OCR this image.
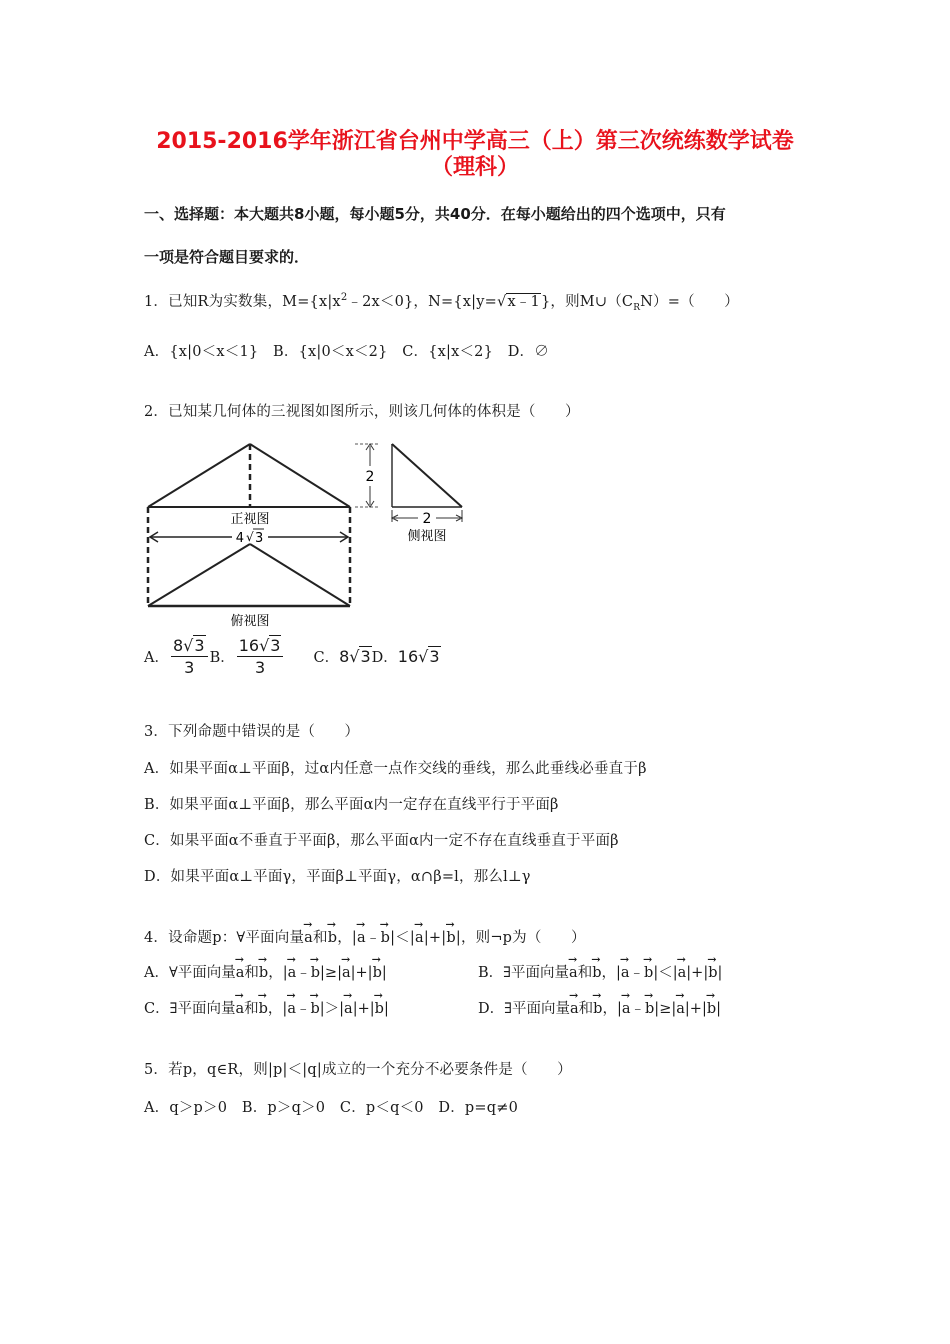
2015-2016学年浙江省台州中学高三（上）第三次统练数学试卷
（理科）
一、选择题：本大题共8小题，每小题5分，共40分．在每小题给出的四个选项中，只有
一项是符合题目要求的．
1．已知R为实数集，$M=\{x|x^2﹣2x<0\}$，N={x|y=√x﹣1}，则$M\cup(C_RN)=$（　　）
A．{x|0＜x＜1}　B．{x|0＜x＜2}　C．{x|x＜2}　D．∅
2．已知某几何体的三视图如图所示，则该几何体的体积是（　　）
正视图
2
2
侧视图
4 √ 3
俯视图
A． $\frac{8√3}{3}$ B． $\frac{16√3}{3}$ C． 8√3 D． 16√3
3．下列命题中错误的是（　　）
A．如果平面α⊥平面β，过α内任意一点作交线的垂线，那么此垂线必垂直于β
B．如果平面α⊥平面β，那么平面α内一定存在直线平行于平面β
C．如果平面α不垂直于平面β，那么平面α内一定不存在直线垂直于平面β
D．如果平面α⊥平面γ，平面β⊥平面γ，α∩β=l，那么l⊥γ
4．设命题p：∀平面向量→ a和→ b，|→ a﹣→ b|＜|→ a|+|→ b|，则¬p为（　　）
A．∀平面向量→ a和→ b，|→ a﹣→ b|≥|→ a|+|→ b|	B．∃平面向量→ a和→ b，|→ a﹣→ b|＜|→ a|+|→ b|
C．∃平面向量→ a和→ b，|→ a﹣→ b|＞|→ a|+|→ b|	D．∃平面向量→ a和→ b，|→ a﹣→ b|≥|→ a|+|→ b|
5．若p，q∈R，则|p|＜|q|成立的一个充分不必要条件是（　　）
A．q＞p＞0　B．p＞q＞0　C．p＜q＜0　D．p=q≠0
